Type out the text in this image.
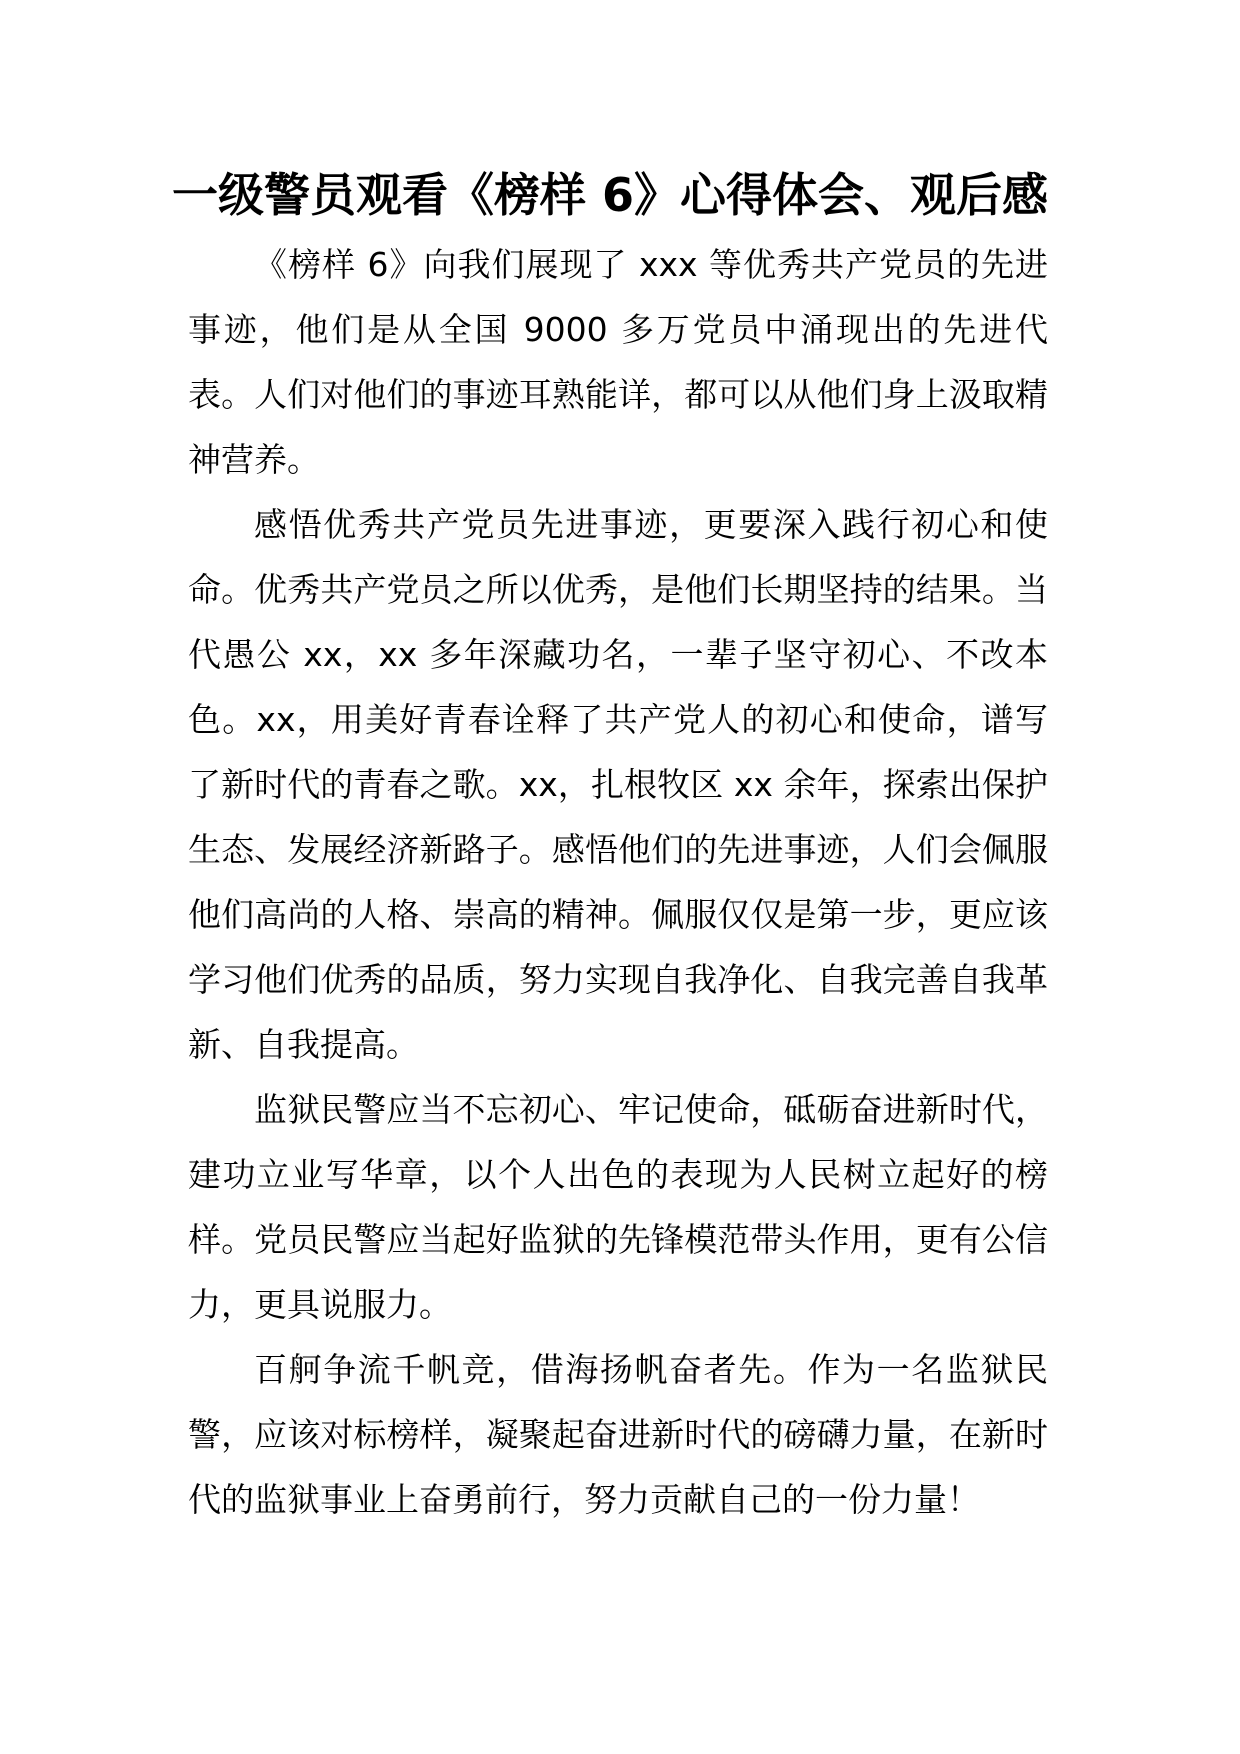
一级警员观看《榜样 6》心得体会、观后感

《榜样 6》向我们展现了 xxx 等优秀共产党员的先进事迹，他们是从全国 9000 多万党员中涌现出的先进代表。人们对他们的事迹耳熟能详，都可以从他们身上汲取精神营养。

感悟优秀共产党员先进事迹，更要深入践行初心和使命。优秀共产党员之所以优秀，是他们长期坚持的结果。当代愚公 xx，xx 多年深藏功名，一辈子坚守初心、不改本色。xx，用美好青春诠释了共产党人的初心和使命，谱写了新时代的青春之歌。xx，扎根牧区 xx 余年，探索出保护生态、发展经济新路子。感悟他们的先进事迹，人们会佩服他们高尚的人格、崇高的精神。佩服仅仅是第一步，更应该学习他们优秀的品质，努力实现自我净化、自我完善自我革新、自我提高。

监狱民警应当不忘初心、牢记使命，砥砺奋进新时代，建功立业写华章，以个人出色的表现为人民树立起好的榜样。党员民警应当起好监狱的先锋模范带头作用，更有公信力，更具说服力。

百舸争流千帆竞，借海扬帆奋者先。作为一名监狱民警，应该对标榜样，凝聚起奋进新时代的磅礴力量，在新时代的监狱事业上奋勇前行，努力贡献自己的一份力量！
